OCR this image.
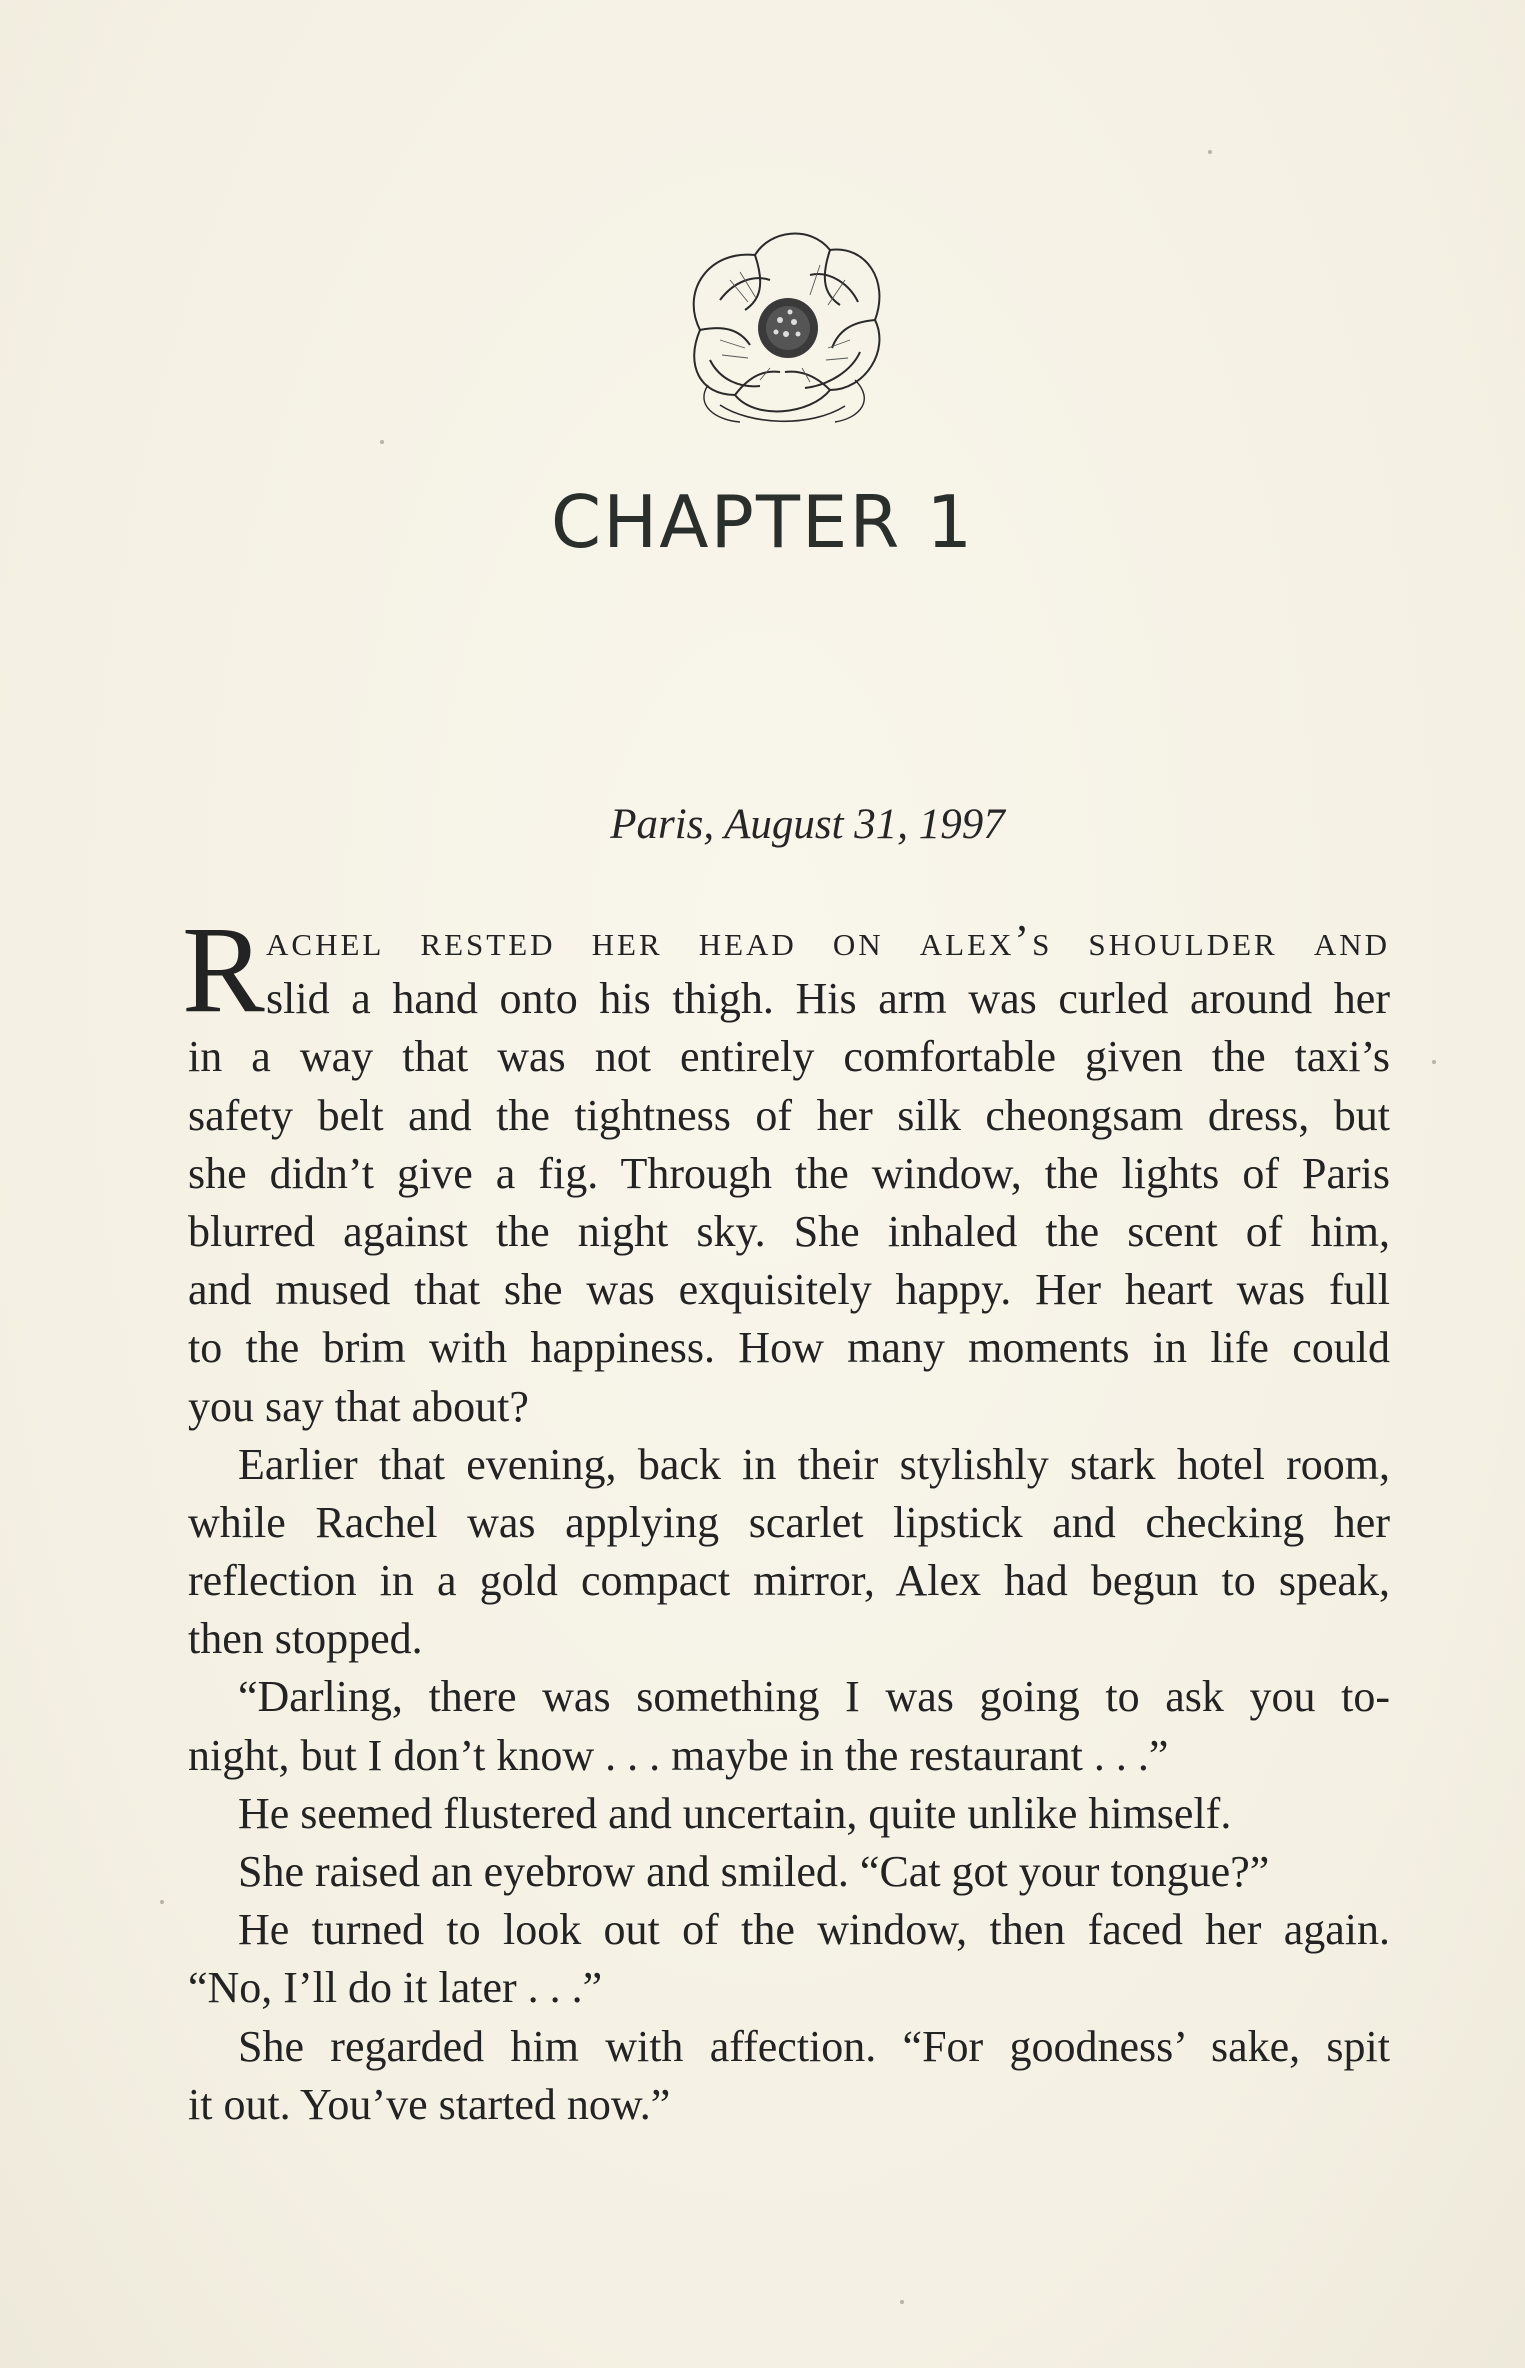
CHAPTER 1
Paris, August 31, 1997
R achel rested her head on alex’s shoulder and
slid a hand onto his thigh. His arm was curled around her
in a way that was not entirely comfortable given the taxi’s
safety belt and the tightness of her silk cheongsam dress, but
she didn’t give a fig. Through the window, the lights of Paris
blurred against the night sky. She inhaled the scent of him,
and mused that she was exquisitely happy. Her heart was full
to the brim with happiness. How many moments in life could
you say that about?
Earlier that evening, back in their stylishly stark hotel room,
while Rachel was applying scarlet lipstick and checking her
reflection in a gold compact mirror, Alex had begun to speak,
then stopped.
“Darling, there was something I was going to ask you to-
night, but I don’t know . . . maybe in the restaurant . . .”
He seemed flustered and uncertain, quite unlike himself.
She raised an eyebrow and smiled. “Cat got your tongue?”
He turned to look out of the window, then faced her again.
“No, I’ll do it later . . .”
She regarded him with affection. “For goodness’ sake, spit
it out. You’ve started now.”
